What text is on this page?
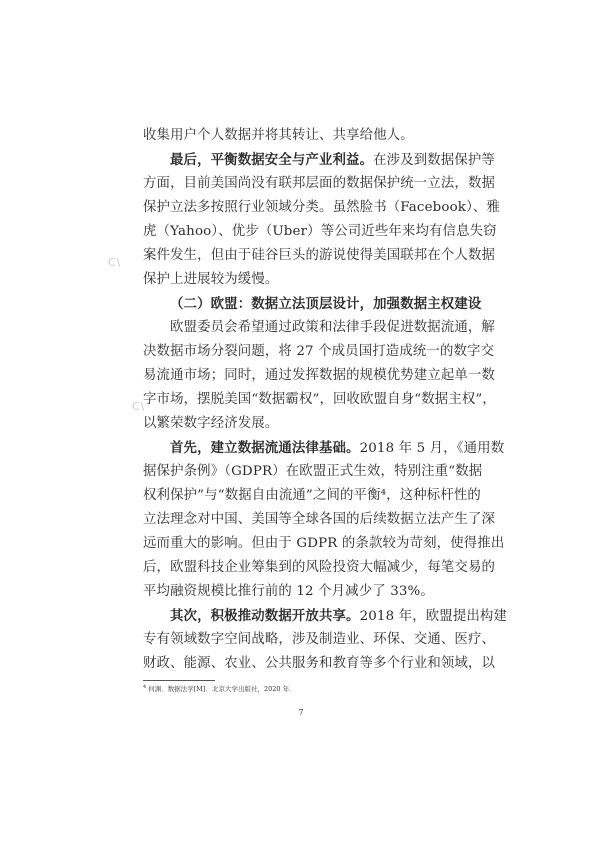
收集用户个人数据并将其转让、共享给他人。
最后，平衡数据安全与产业利益。在涉及到数据保护等
方面，目前美国尚没有联邦层面的数据保护统一立法，数据
保护立法多按照行业领域分类。虽然脸书（Facebook）、雅
虎（Yahoo）、优步（Uber）等公司近些年来均有信息失窃
案件发生，但由于硅谷巨头的游说使得美国联邦在个人数据
保护上进展较为缓慢。
（二）欧盟：数据立法顶层设计，加强数据主权建设
欧盟委员会希望通过政策和法律手段促进数据流通，解
决数据市场分裂问题，将 27 个成员国打造成统一的数字交
易流通市场；同时，通过发挥数据的规模优势建立起单一数
字市场，摆脱美国“数据霸权”，回收欧盟自身“数据主权”，
以繁荣数字经济发展。
首先，建立数据流通法律基础。2018 年 5 月，《通用数
据保护条例》（GDPR）在欧盟正式生效，特别注重“数据
权利保护”与“数据自由流通”之间的平衡⁴，这种标杆性的
立法理念对中国、美国等全球各国的后续数据立法产生了深
远而重大的影响。但由于 GDPR 的条款较为苛刻，使得推出
后，欧盟科技企业筹集到的风险投资大幅减少，每笔交易的
平均融资规模比推行前的 12 个月减少了 33%。
其次，积极推动数据开放共享。2018 年，欧盟提出构建
专有领域数字空间战略，涉及制造业、环保、交通、医疗、
财政、能源、农业、公共服务和教育等多个行业和领域，以
C\
C\
$^4$ 何渊．数据法学[M]．北京大学出版社，2020 年．
7
